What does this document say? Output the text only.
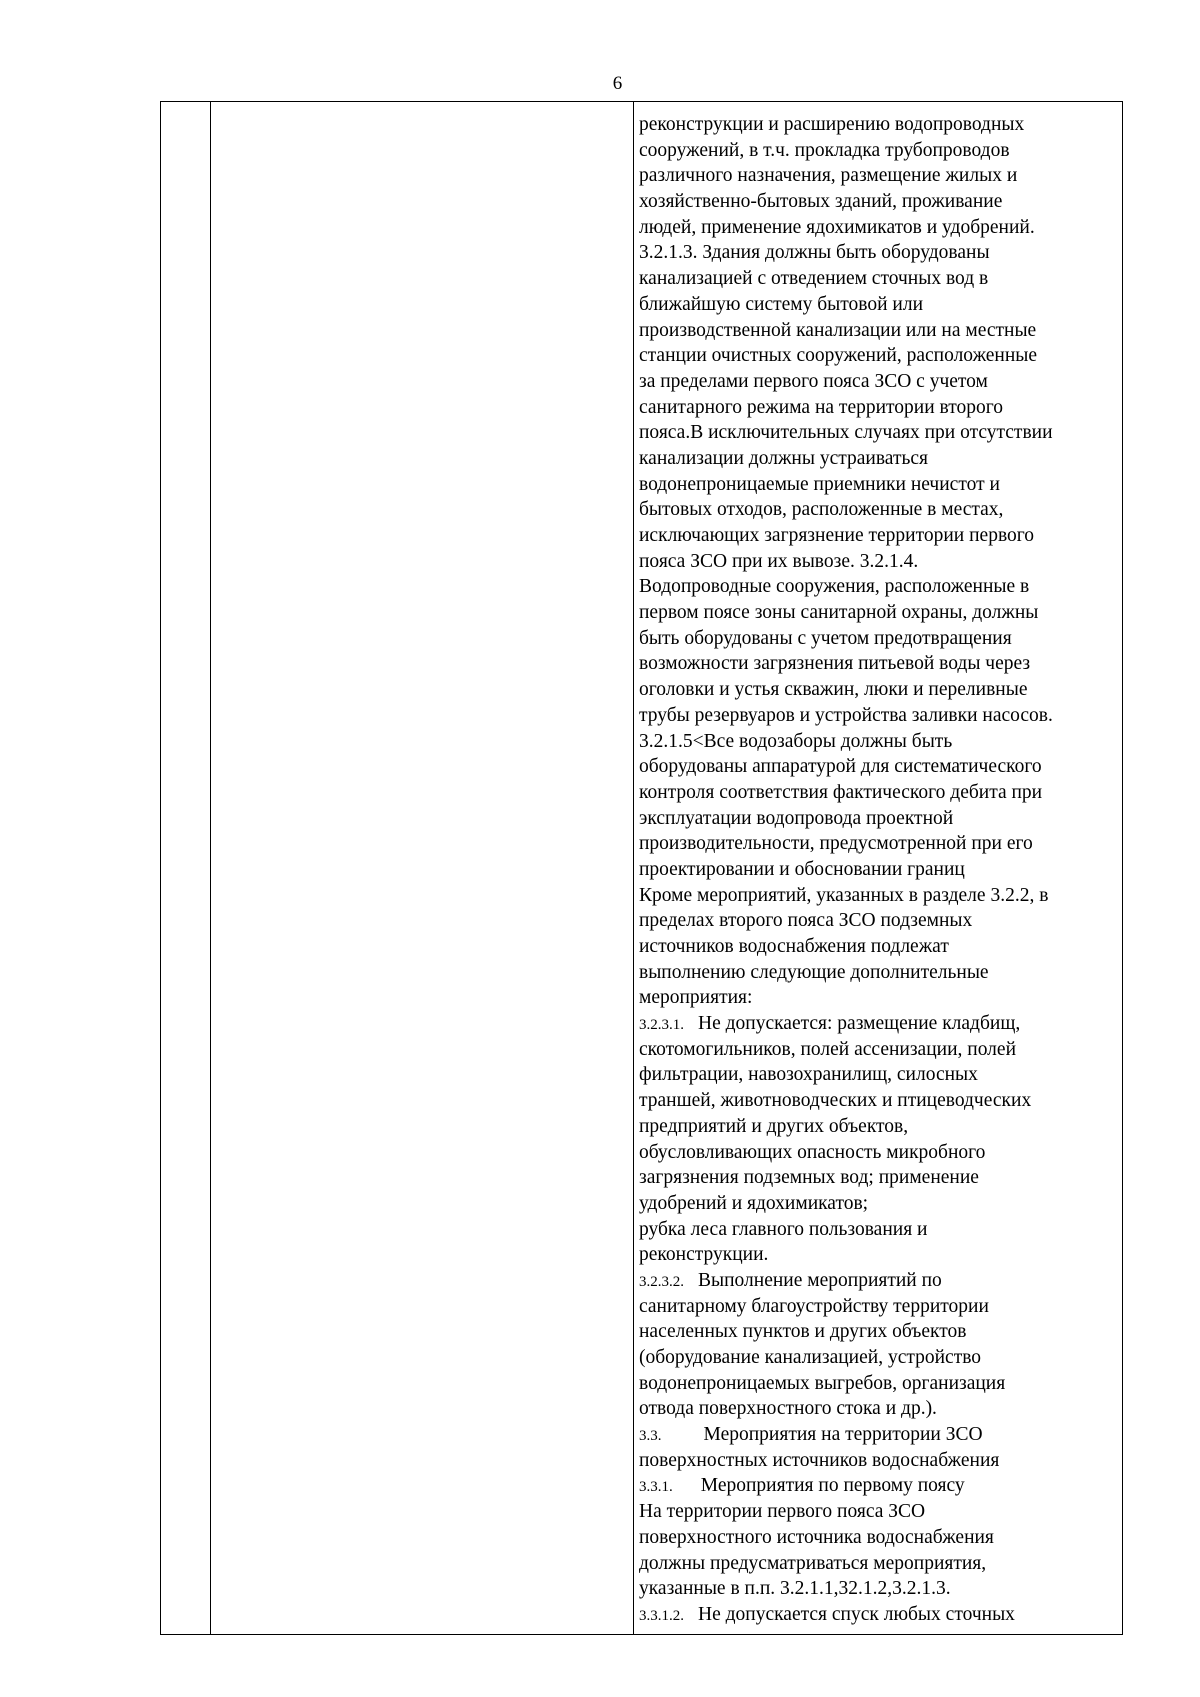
6
реконструкции и расширению водопроводных
сооружений, в т.ч. прокладка трубопроводов
различного назначения, размещение жилых и
хозяйственно-бытовых зданий, проживание
людей, применение ядохимикатов и удобрений.
3.2.1.3. Здания должны быть оборудованы
канализацией с отведением сточных вод в
ближайшую систему бытовой или
производственной канализации или на местные
станции очистных сооружений, расположенные
за пределами первого пояса ЗСО с учетом
санитарного режима на территории второго
пояса.В исключительных случаях при отсутствии
канализации должны устраиваться
водонепроницаемые приемники нечистот и
бытовых отходов, расположенные в местах,
исключающих загрязнение территории первого
пояса ЗСО при их вывозе. 3.2.1.4.
Водопроводные сооружения, расположенные в
первом поясе зоны санитарной охраны, должны
быть оборудованы с учетом предотвращения
возможности загрязнения питьевой воды через
оголовки и устья скважин, люки и переливные
трубы резервуаров и устройства заливки насосов.
3.2.1.5<Все водозаборы должны быть
оборудованы аппаратурой для систематического
контроля соответствия фактического дебита при
эксплуатации водопровода проектной
производительности, предусмотренной при его
проектировании и обосновании границ
Кроме мероприятий, указанных в разделе 3.2.2, в
пределах второго пояса ЗСО подземных
источников водоснабжения подлежат
выполнению следующие дополнительные
мероприятия:
3.2.3.1. Не допускается: размещение кладбищ,
скотомогильников, полей ассенизации, полей
фильтрации, навозохранилищ, силосных
траншей, животноводческих и птицеводческих
предприятий и других объектов,
обусловливающих опасность микробного
загрязнения подземных вод; применение
удобрений и ядохимикатов;
рубка леса главного пользования и
реконструкции.
3.2.3.2. Выполнение мероприятий по
санитарному благоустройству территории
населенных пунктов и других объектов
(оборудование канализацией, устройство
водонепроницаемых выгребов, организация
отвода поверхностного стока и др.).
3.3. Мероприятия на территории ЗСО
поверхностных источников водоснабжения
3.3.1. Мероприятия по первому поясу
На территории первого пояса ЗСО
поверхностного источника водоснабжения
должны предусматриваться мероприятия,
указанные в п.п. 3.2.1.1,32.1.2,3.2.1.3.
3.3.1.2. Не допускается спуск любых сточных
